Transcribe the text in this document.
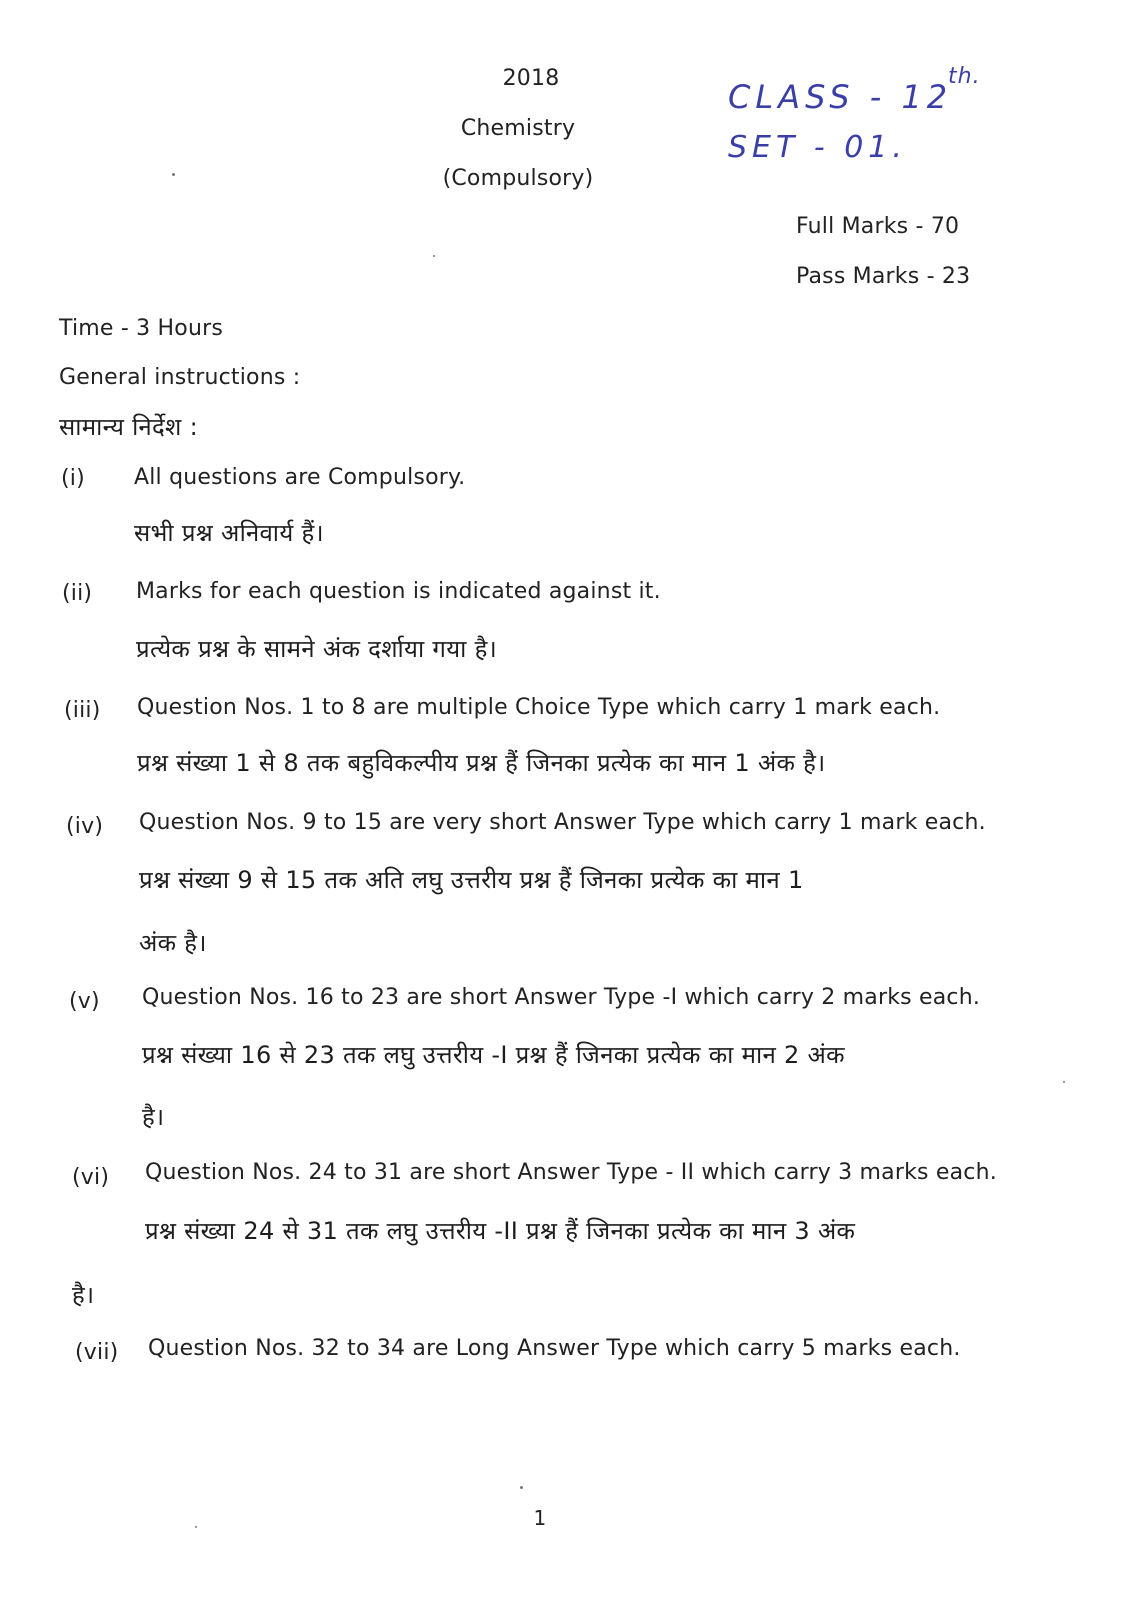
2018
Chemistry
(Compulsory)
CLASS - 12
th.
SET - 01.
Full Marks - 70
Pass Marks - 23
Time - 3 Hours
General instructions :
सामान्य निर्देश :
(i) All questions are Compulsory.
सभी प्रश्न अनिवार्य हैं।
(ii) Marks for each question is indicated against it.
प्रत्येक प्रश्न के सामने अंक दर्शाया गया है।
(iii) Question Nos. 1 to 8 are multiple Choice Type which carry 1 mark each.
प्रश्न संख्या 1 से 8 तक बहुविकल्पीय प्रश्न हैं जिनका प्रत्येक का मान 1 अंक है।
(iv) Question Nos. 9 to 15 are very short Answer Type which carry 1 mark each.
प्रश्न संख्या 9 से 15 तक अति लघु उत्तरीय प्रश्न हैं जिनका प्रत्येक का मान 1
अंक है।
(v) Question Nos. 16 to 23 are short Answer Type -I which carry 2 marks each.
प्रश्न संख्या 16 से 23 तक लघु उत्तरीय -I प्रश्न हैं जिनका प्रत्येक का मान 2 अंक
है।
(vi) Question Nos. 24 to 31 are short Answer Type - II which carry 3 marks each.
प्रश्न संख्या 24 से 31 तक लघु उत्तरीय -II प्रश्न हैं जिनका प्रत्येक का मान 3 अंक
है।
(vii) Question Nos. 32 to 34 are Long Answer Type which carry 5 marks each.
1
